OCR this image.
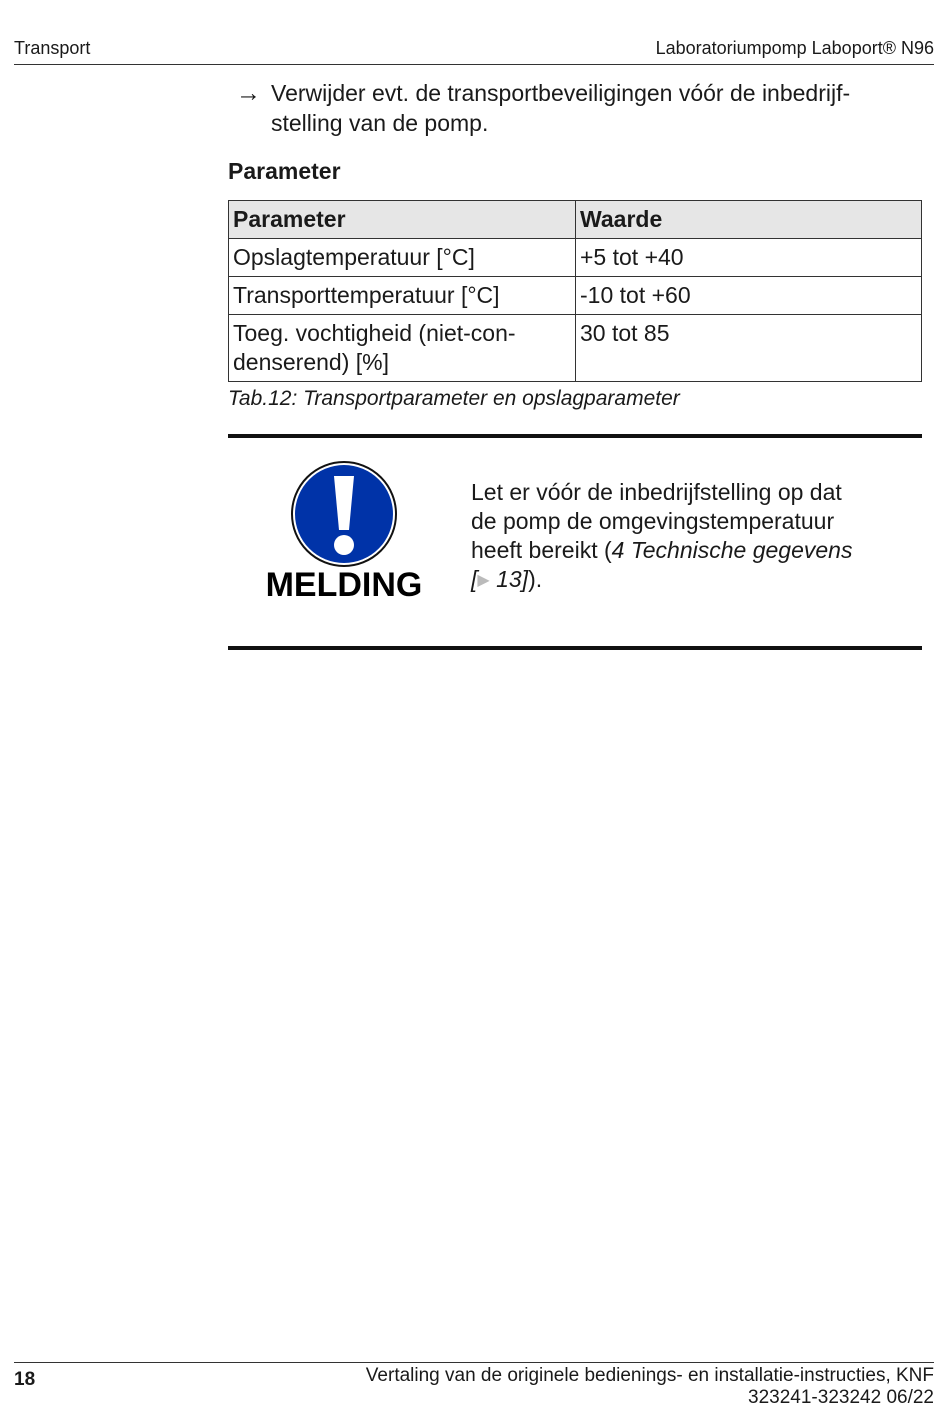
Transport	Laboratoriumpomp Laboport® N96
→ Verwijder evt. de transportbeveiligingen vóór de inbedrijf-
stelling van de pomp.
Parameter
Parameter	Waarde
Opslagtemperatuur [°C]	+5 tot +40
Transporttemperatuur [°C]	-10 tot +60
Toeg. vochtigheid (niet-con-
denserend) [%]	30 tot 85
Tab.12: Transportparameter en opslagparameter
MELDING
Let er vóór de inbedrijfstelling op dat
de pomp de omgevingstemperatuur
heeft bereikt (4 Technische gegevens
[▶ 13]).
18	Vertaling van de originele bedienings- en installatie-instructies, KNF
323241-323242 06/22
